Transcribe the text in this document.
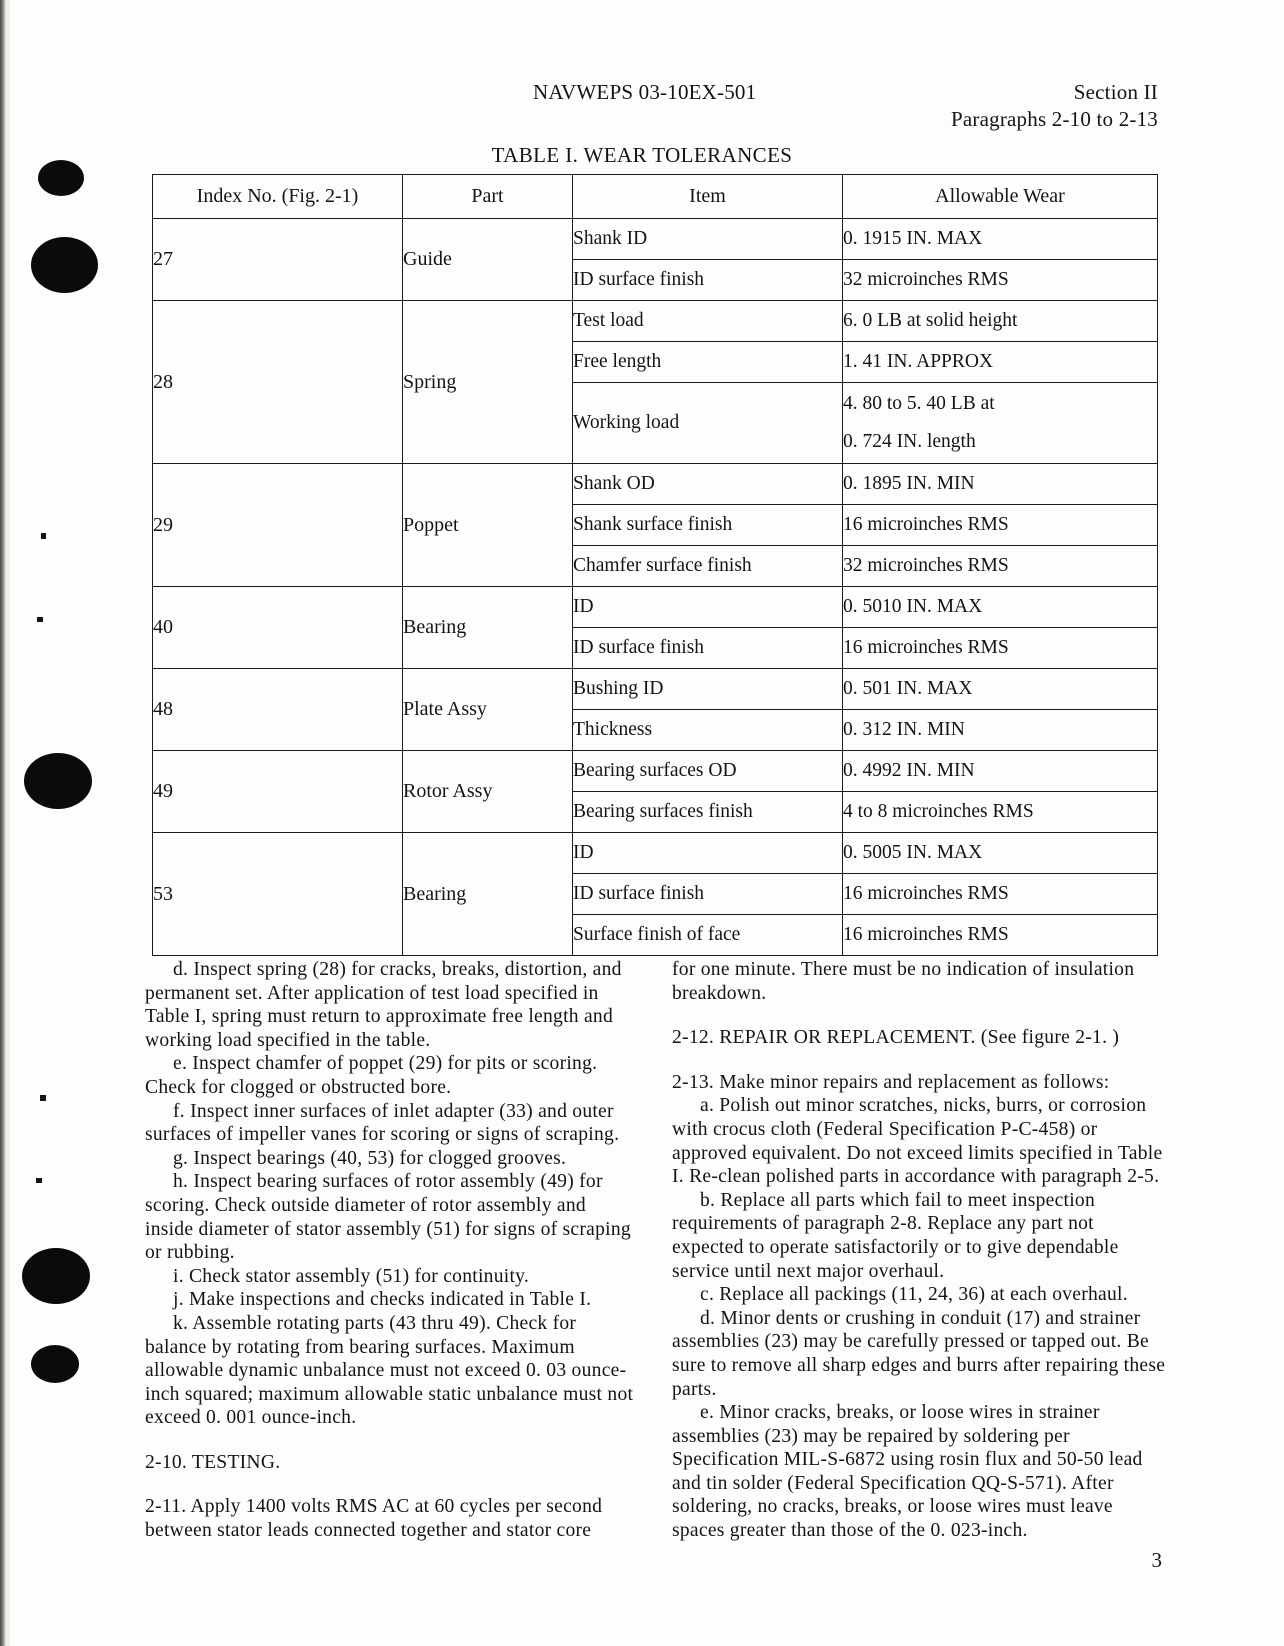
NAVWEPS 03-10EX-501	Section II
Paragraphs 2-10 to 2-13
TABLE I. WEAR TOLERANCES
Index No. (Fig. 2-1)	Part	Item	Allowable Wear
27	Guide	Shank ID	0. 1915 IN. MAX
		ID surface finish	32 microinches RMS
28	Spring	Test load	6. 0 LB at solid height
		Free length	1. 41 IN. APPROX
		Working load	4. 80 to 5. 40 LB at
0. 724 IN. length

29	Poppet	Shank OD	0. 1895 IN. MIN
		Shank surface finish	16 microinches RMS
		Chamfer surface finish	32 microinches RMS
40	Bearing	ID	0. 5010 IN. MAX
		ID surface finish	16 microinches RMS
48	Plate Assy	Bushing ID	0. 501 IN. MAX
		Thickness	0. 312 IN. MIN
49	Rotor Assy	Bearing surfaces OD	0. 4992 IN. MIN
		Bearing surfaces finish	4 to 8 microinches RMS
53	Bearing	ID	0. 5005 IN. MAX
		ID surface finish	16 microinches RMS
		Surface finish of face	16 microinches RMS

d. Inspect spring (28) for cracks, breaks, distortion, and permanent set. After application of test load specified in Table I, spring must return to approximate free length and working load specified in the table.

e. Inspect chamfer of poppet (29) for pits or scoring. Check for clogged or obstructed bore.

f. Inspect inner surfaces of inlet adapter (33) and outer surfaces of impeller vanes for scoring or signs of scraping.

g. Inspect bearings (40, 53) for clogged grooves.

h. Inspect bearing surfaces of rotor assembly (49) for scoring. Check outside diameter of rotor assembly and inside diameter of stator assembly (51) for signs of scraping or rubbing.

i. Check stator assembly (51) for continuity.

j. Make inspections and checks indicated in Table I.

k. Assemble rotating parts (43 thru 49). Check for balance by rotating from bearing surfaces. Maximum allowable dynamic unbalance must not exceed 0. 03 ounce-inch squared; maximum allowable static unbalance must not exceed 0. 001 ounce-inch.

2-10. TESTING.

2-11. Apply 1400 volts RMS AC at 60 cycles per second between stator leads connected together and stator core

for one minute. There must be no indication of insulation breakdown.

2-12. REPAIR OR REPLACEMENT. (See figure 2-1. )

2-13. Make minor repairs and replacement as follows:

a. Polish out minor scratches, nicks, burrs, or corrosion with crocus cloth (Federal Specification P-C-458) or approved equivalent. Do not exceed limits specified in Table I. Re-clean polished parts in accordance with paragraph 2-5.

b. Replace all parts which fail to meet inspection requirements of paragraph 2-8. Replace any part not expected to operate satisfactorily or to give dependable service until next major overhaul.

c. Replace all packings (11, 24, 36) at each overhaul.

d. Minor dents or crushing in conduit (17) and strainer assemblies (23) may be carefully pressed or tapped out. Be sure to remove all sharp edges and burrs after repairing these parts.

e. Minor cracks, breaks, or loose wires in strainer assemblies (23) may be repaired by soldering per Specification MIL-S-6872 using rosin flux and 50-50 lead and tin solder (Federal Specification QQ-S-571). After soldering, no cracks, breaks, or loose wires must leave spaces greater than those of the 0. 023-inch.

3
